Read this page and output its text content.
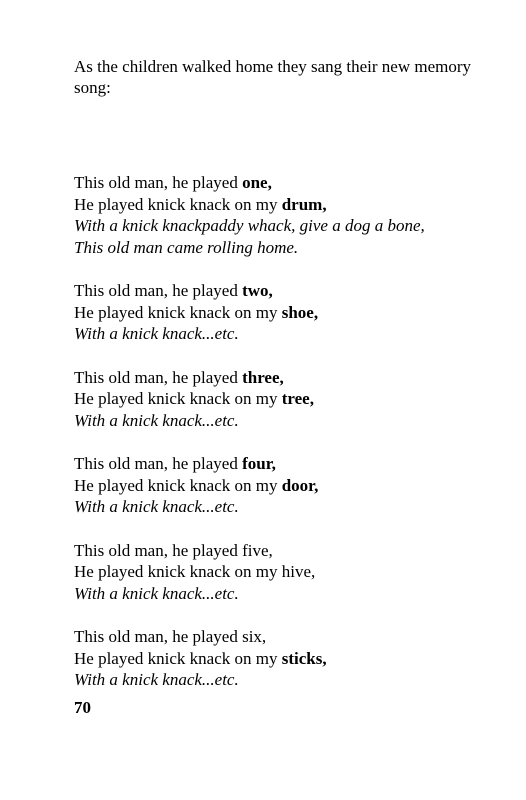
As the children walked home they sang their new memory song:

This old man, he played one,
He played knick knack on my drum,
With a knick knackpaddy whack, give a dog a bone,
This old man came rolling home.
This old man, he played two,
He played knick knack on my shoe,
With a knick knack...etc.
This old man, he played three,
He played knick knack on my tree,
With a knick knack...etc.
This old man, he played four,
He played knick knack on my door,
With a knick knack...etc.
This old man, he played five,
He played knick knack on my hive,
With a knick knack...etc.
This old man, he played six,
He played knick knack on my sticks,
With a knick knack...etc.
70
